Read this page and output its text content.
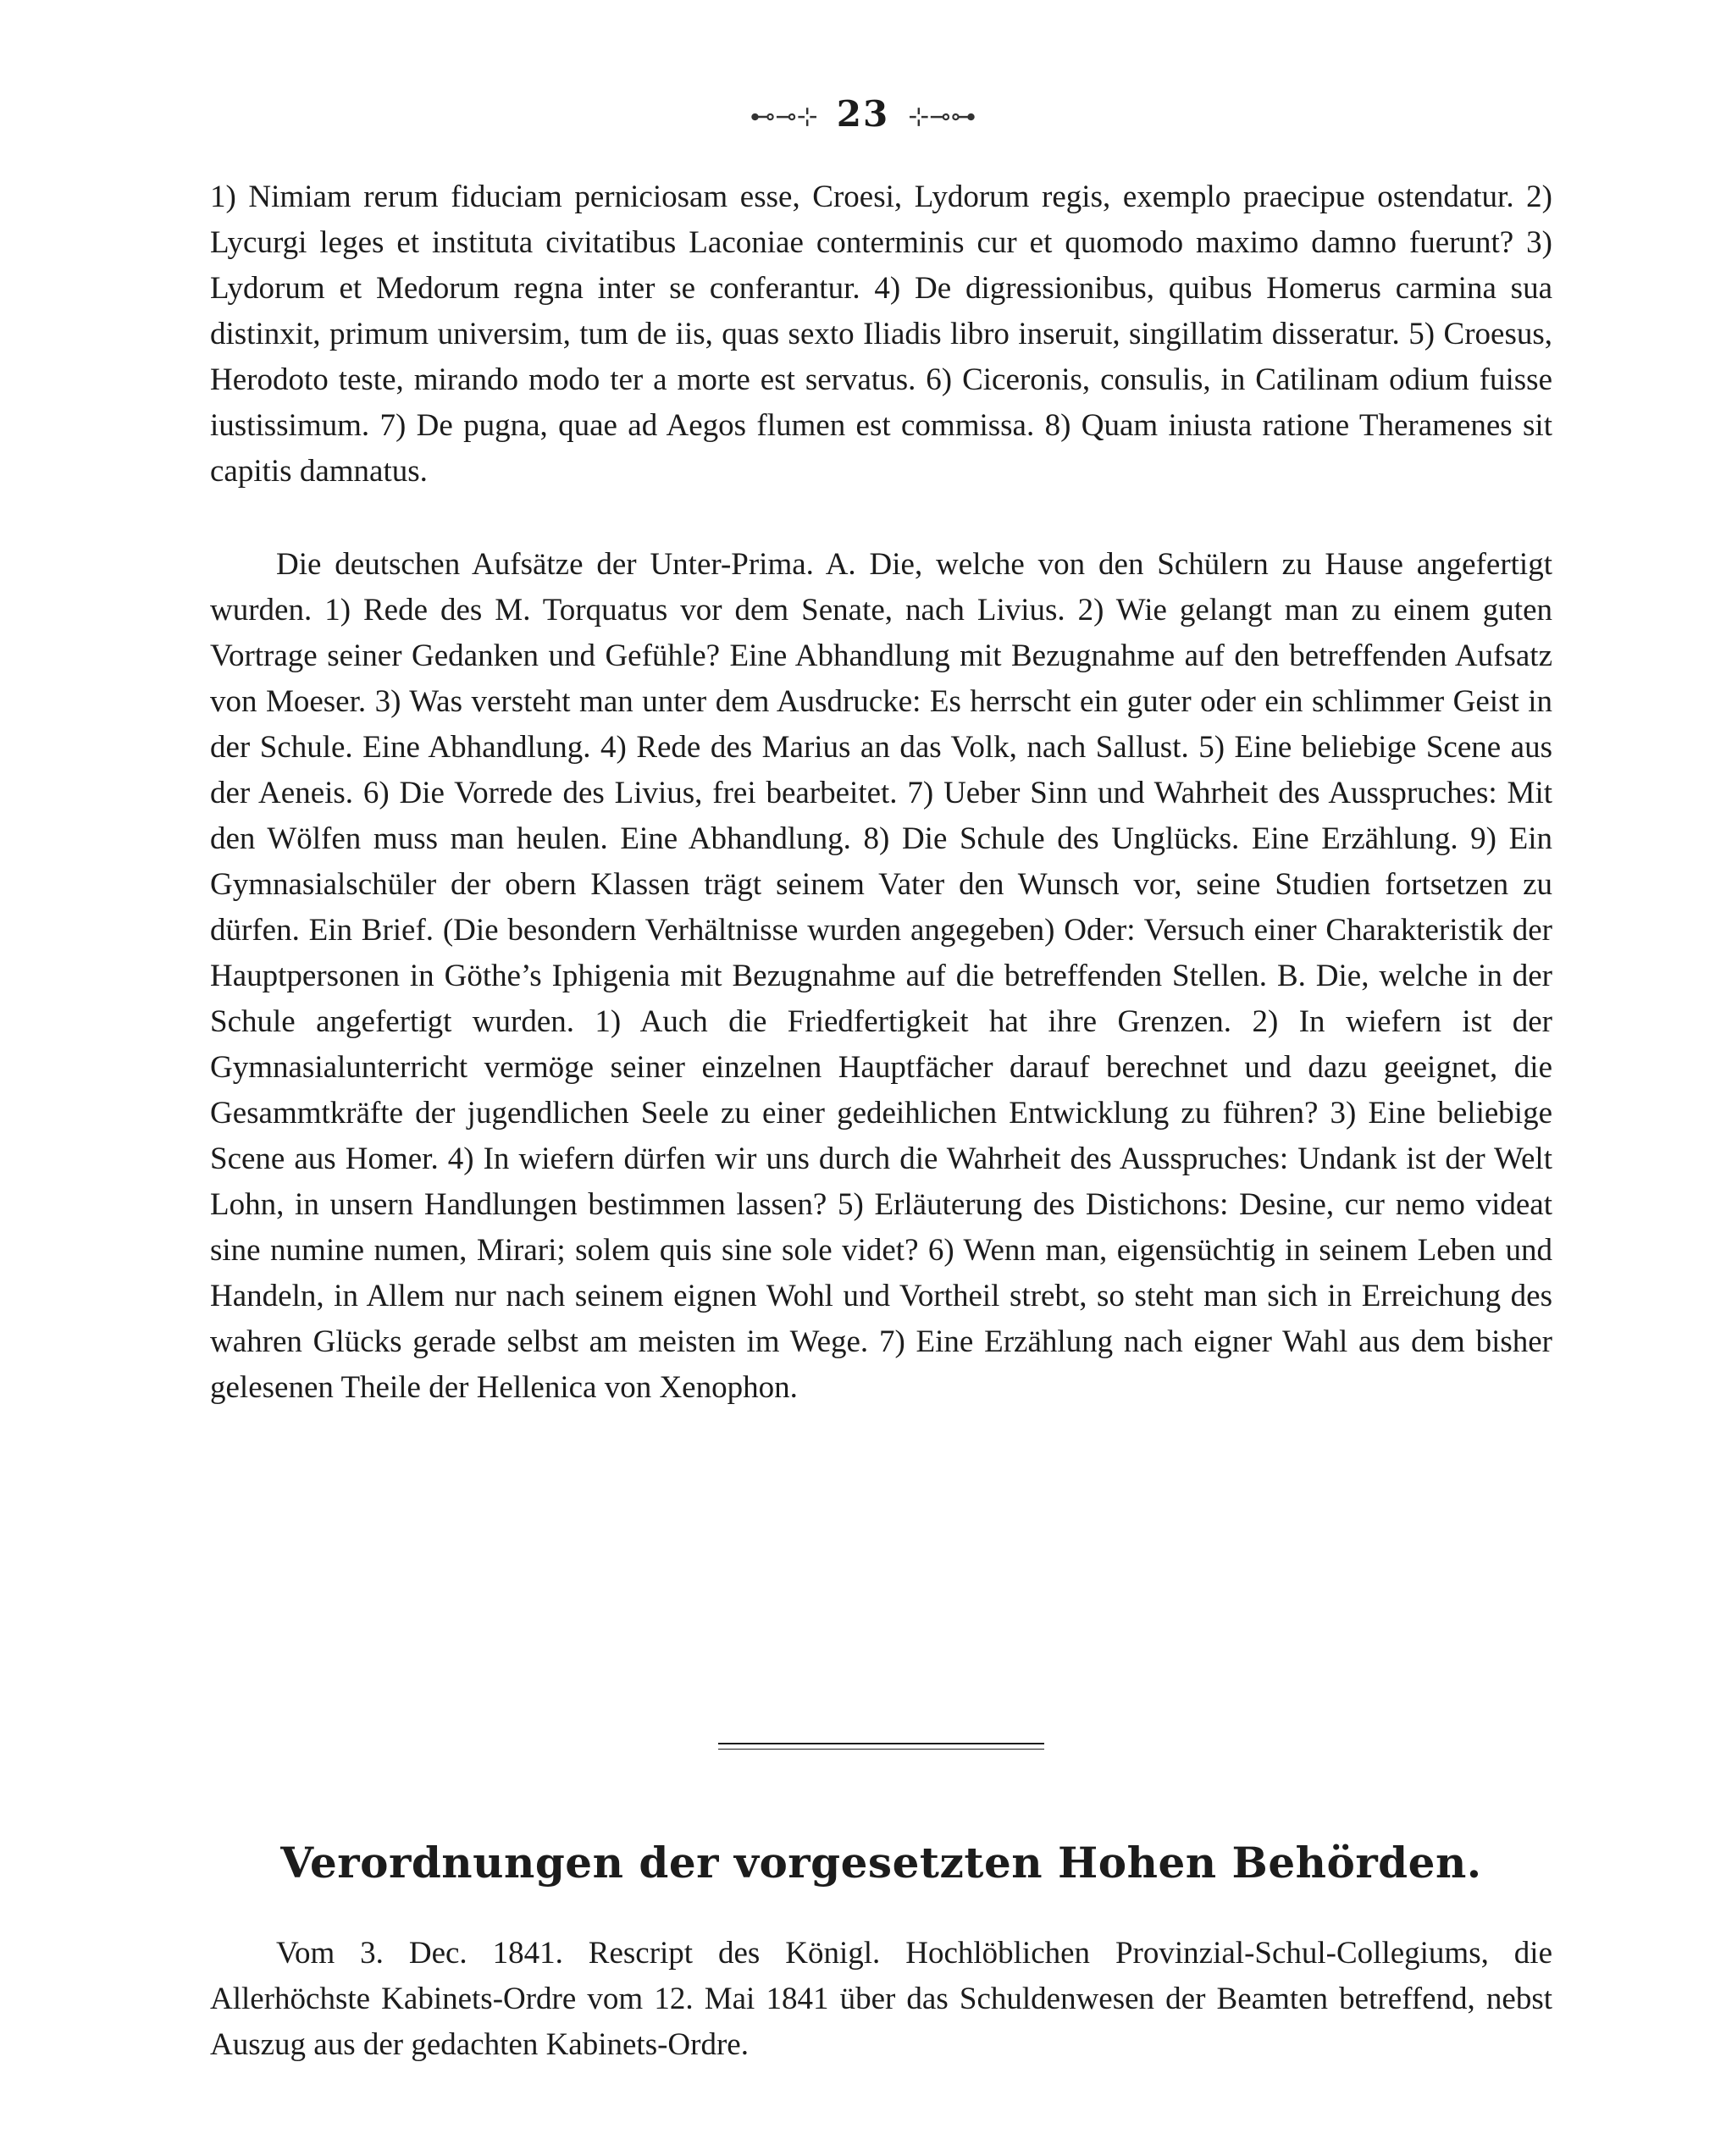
⊷⊸⊹ 23 ⊹⊸⊶

1) Nimiam rerum fiduciam perniciosam esse, Croesi, Lydorum regis, exemplo praecipue ostendatur. 2) Lycurgi leges et instituta civitatibus Laconiae conterminis cur et quomodo maximo damno fuerunt? 3) Lydorum et Medorum regna inter se conferantur. 4) De digressionibus, quibus Homerus carmina sua distinxit, primum universim, tum de iis, quas sexto Iliadis libro inseruit, singillatim disseratur. 5) Croesus, Herodoto teste, mirando modo ter a morte est servatus. 6) Ciceronis, consulis, in Catilinam odium fuisse iustissimum. 7) De pugna, quae ad Aegos flumen est commissa. 8) Quam iniusta ratione Theramenes sit capitis damnatus.

Die deutschen Aufsätze der Unter-Prima. A. Die, welche von den Schülern zu Hause angefertigt wurden. 1) Rede des M. Torquatus vor dem Senate, nach Livius. 2) Wie gelangt man zu einem guten Vortrage seiner Gedanken und Gefühle? Eine Abhandlung mit Bezugnahme auf den betreffenden Aufsatz von Moeser. 3) Was versteht man unter dem Ausdrucke: Es herrscht ein guter oder ein schlimmer Geist in der Schule. Eine Abhandlung. 4) Rede des Marius an das Volk, nach Sallust. 5) Eine beliebige Scene aus der Aeneis. 6) Die Vorrede des Livius, frei bearbeitet. 7) Ueber Sinn und Wahrheit des Ausspruches: Mit den Wölfen muss man heulen. Eine Abhandlung. 8) Die Schule des Unglücks. Eine Erzählung. 9) Ein Gymnasialschüler der obern Klassen trägt seinem Vater den Wunsch vor, seine Studien fortsetzen zu dürfen. Ein Brief. (Die besondern Verhältnisse wurden angegeben) Oder: Versuch einer Charakteristik der Hauptpersonen in Göthe’s Iphigenia mit Bezugnahme auf die betreffenden Stellen. B. Die, welche in der Schule angefertigt wurden. 1) Auch die Friedfertigkeit hat ihre Grenzen. 2) In wiefern ist der Gymnasialunterricht vermöge seiner einzelnen Hauptfächer darauf berechnet und dazu geeignet, die Gesammtkräfte der jugendlichen Seele zu einer gedeihlichen Entwicklung zu führen? 3) Eine beliebige Scene aus Homer. 4) In wiefern dürfen wir uns durch die Wahrheit des Ausspruches: Undank ist der Welt Lohn, in unsern Handlungen bestimmen lassen? 5) Erläuterung des Distichons: Desine, cur nemo videat sine numine numen, Mirari; solem quis sine sole videt? 6) Wenn man, eigensüchtig in seinem Leben und Handeln, in Allem nur nach seinem eignen Wohl und Vortheil strebt, so steht man sich in Erreichung des wahren Glücks gerade selbst am meisten im Wege. 7) Eine Erzählung nach eigner Wahl aus dem bisher gelesenen Theile der Hellenica von Xenophon.

Verordnungen der vorgesetzten Hohen Behörden.

Vom 3. Dec. 1841. Rescript des Königl. Hochlöblichen Provinzial-Schul-Collegiums, die Allerhöchste Kabinets-Ordre vom 12. Mai 1841 über das Schuldenwesen der Beamten betreffend, nebst Auszug aus der gedachten Kabinets-Ordre.
